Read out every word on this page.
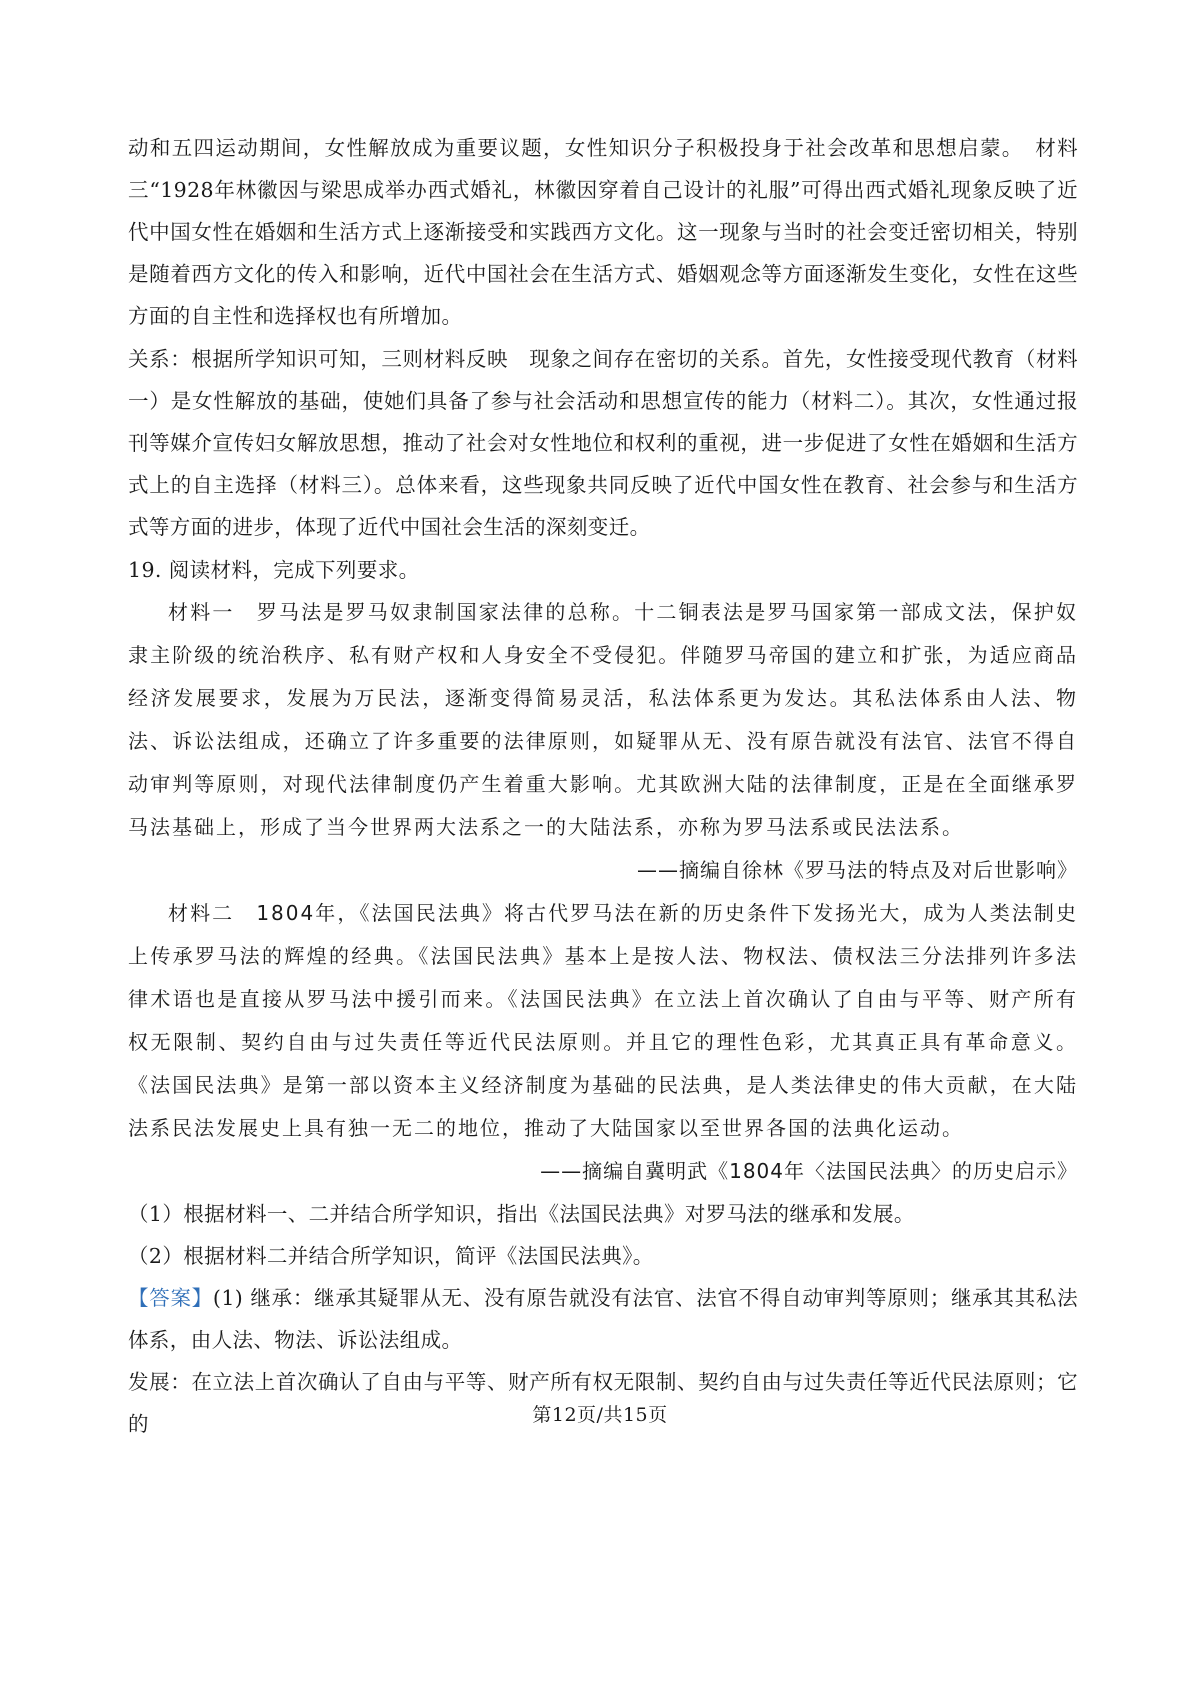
动和五四运动期间，女性解放成为重要议题，女性知识分子积极投身于社会改革和思想启蒙。　材料三“1928年林徽因与梁思成举办西式婚礼，林徽因穿着自己设计的礼服”可得出西式婚礼现象反映了近代中国女性在婚姻和生活方式上逐渐接受和实践西方文化。这一现象与当时的社会变迁密切相关，特别是随着西方文化的传入和影响，近代中国社会在生活方式、婚姻观念等方面逐渐发生变化，女性在这些方面的自主性和选择权也有所增加。

关系：根据所学知识可知，三则材料反映　现象之间存在密切的关系。首先，女性接受现代教育（材料一）是女性解放的基础，使她们具备了参与社会活动和思想宣传的能力（材料二）。其次，女性通过报刊等媒介宣传妇女解放思想，推动了社会对女性地位和权利的重视，进一步促进了女性在婚姻和生活方式上的自主选择（材料三）。总体来看，这些现象共同反映了近代中国女性在教育、社会参与和生活方式等方面的进步，体现了近代中国社会生活的深刻变迁。

19. 阅读材料，完成下列要求。

材料一　罗马法是罗马奴隶制国家法律的总称。十二铜表法是罗马国家第一部成文法，保护奴隶主阶级的统治秩序、私有财产权和人身安全不受侵犯。伴随罗马帝国的建立和扩张，为适应商品经济发展要求，发展为万民法，逐渐变得简易灵活，私法体系更为发达。其私法体系由人法、物法、诉讼法组成，还确立了许多重要的法律原则，如疑罪从无、没有原告就没有法官、法官不得自动审判等原则，对现代法律制度仍产生着重大影响。尤其欧洲大陆的法律制度，正是在全面继承罗马法基础上，形成了当今世界两大法系之一的大陆法系，亦称为罗马法系或民法法系。

——摘编自徐林《罗马法的特点及对后世影响》

材料二　1804年，《法国民法典》将古代罗马法在新的历史条件下发扬光大，成为人类法制史上传承罗马法的辉煌的经典。《法国民法典》基本上是按人法、物权法、债权法三分法排列许多法律术语也是直接从罗马法中援引而来。《法国民法典》在立法上首次确认了自由与平等、财产所有权无限制、契约自由与过失责任等近代民法原则。并且它的理性色彩，尤其真正具有革命意义。《法国民法典》是第一部以资本主义经济制度为基础的民法典，是人类法律史的伟大贡献，在大陆法系民法发展史上具有独一无二的地位，推动了大陆国家以至世界各国的法典化运动。

——摘编自冀明武《1804年〈法国民法典〉的历史启示》

（1）根据材料一、二并结合所学知识，指出《法国民法典》对罗马法的继承和发展。

（2）根据材料二并结合所学知识，简评《法国民法典》。

【答案】(1) 继承：继承其疑罪从无、没有原告就没有法官、法官不得自动审判等原则；继承其其私法体系，由人法、物法、诉讼法组成。

发展：在立法上首次确认了自由与平等、财产所有权无限制、契约自由与过失责任等近代民法原则；它的	第12页/共15页
